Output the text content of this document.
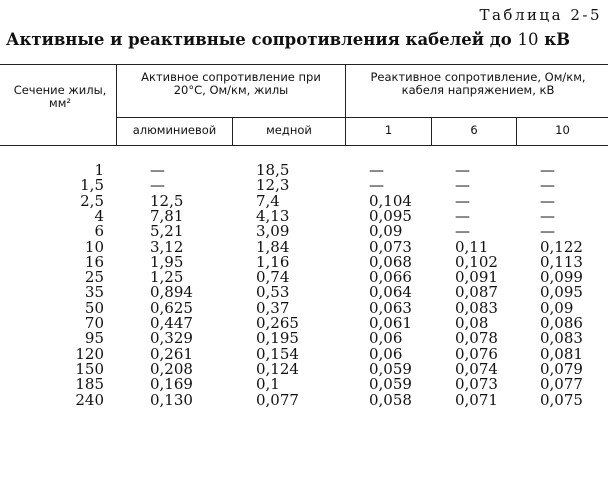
Таблица 2-5
Активные и реактивные сопротивления кабелей до 10 кВ
Сечение жилы, мм²
Активное сопротивление при 20°С, Ом/км, жилы
Реактивное сопротивление, Ом/км, кабеля напряжением, кВ
алюминиевой	медной	1	6	10
1	—	18,5	—	—	—
1,5	—	12,3	—	—	—
2,5	12,5	7,4	0,104	—	—
4	7,81	4,13	0,095	—	—
6	5,21	3,09	0,09	—	—
10	3,12	1,84	0,073	0,11	0,122
16	1,95	1,16	0,068	0,102	0,113
25	1,25	0,74	0,066	0,091	0,099
35	0,894	0,53	0,064	0,087	0,095
50	0,625	0,37	0,063	0,083	0,09
70	0,447	0,265	0,061	0,08	0,086
95	0,329	0,195	0,06	0,078	0,083
120	0,261	0,154	0,06	0,076	0,081
150	0,208	0,124	0,059	0,074	0,079
185	0,169	0,1	0,059	0,073	0,077
240	0,130	0,077	0,058	0,071	0,075
